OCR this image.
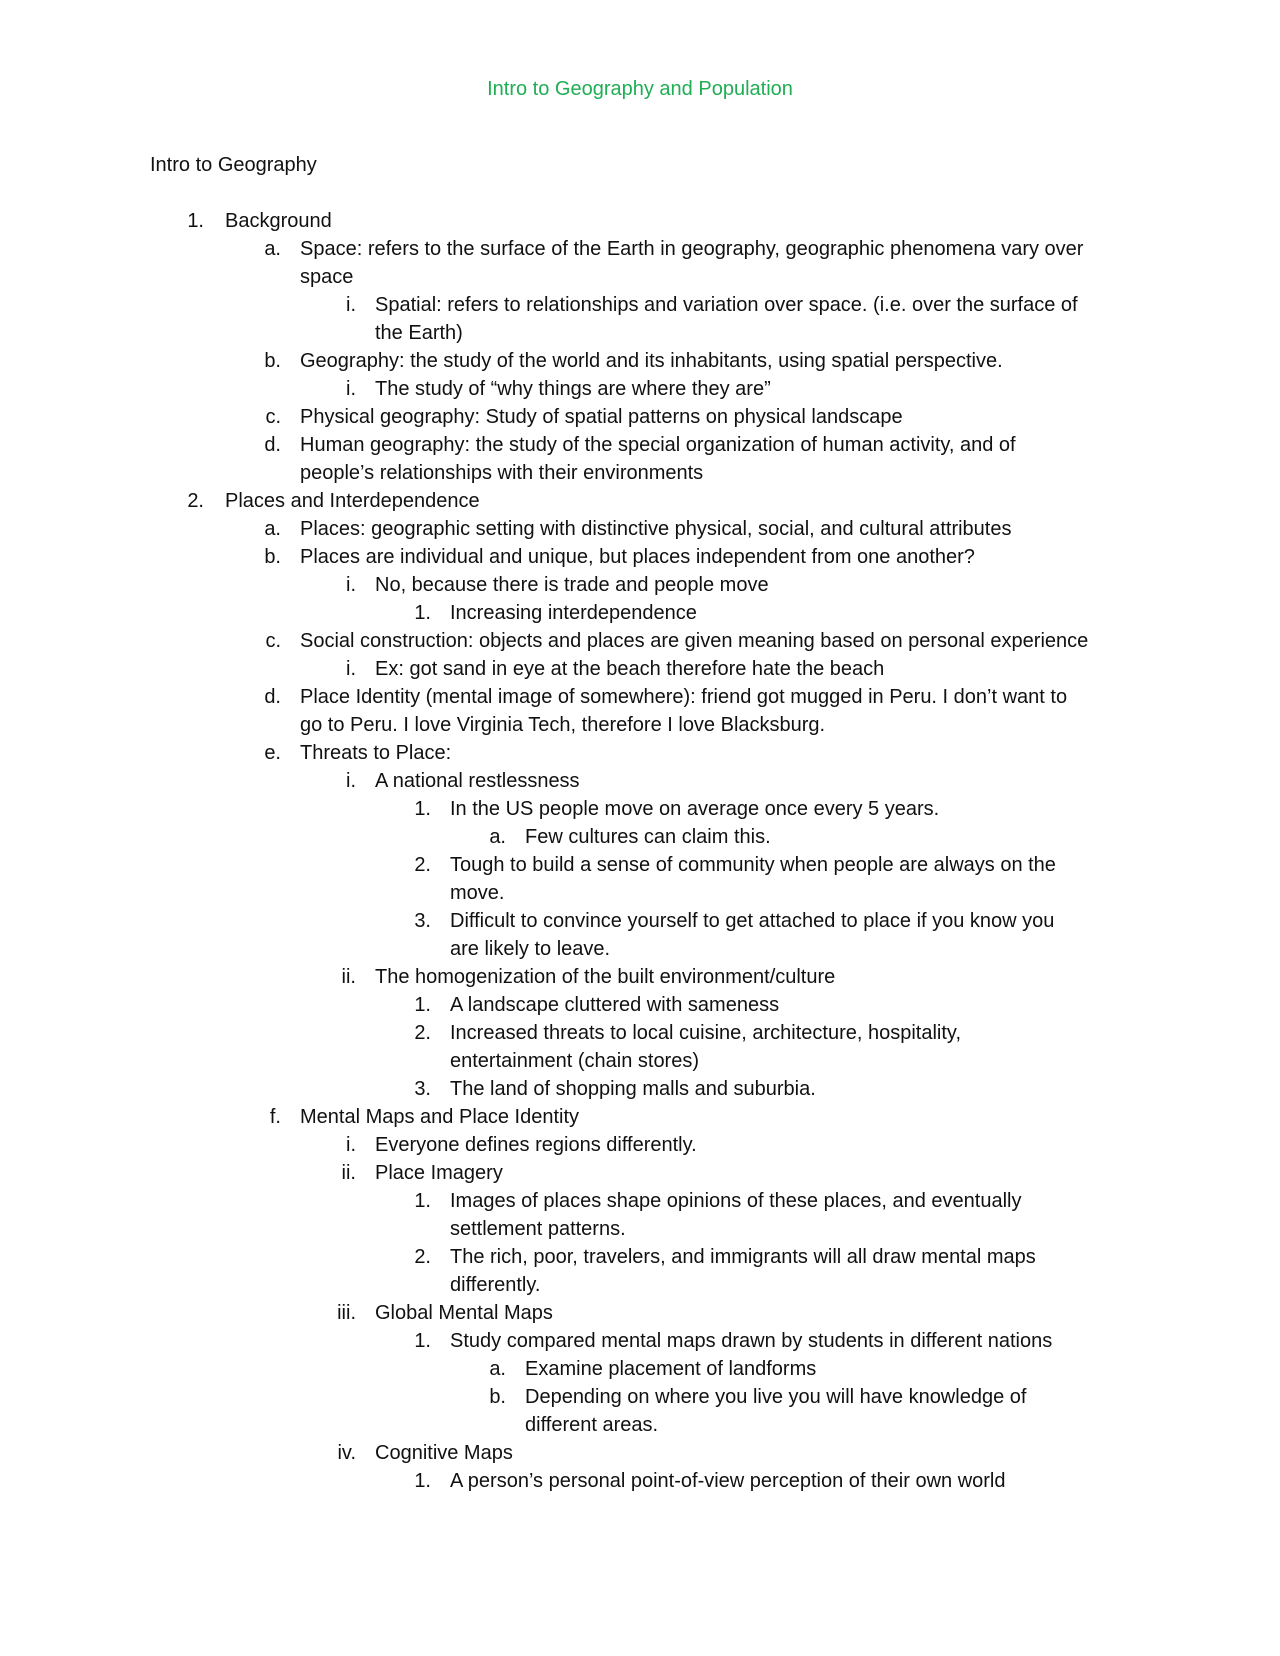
Intro to Geography and Population
Intro to Geography
1. Background
a. Space: refers to the surface of the Earth in geography, geographic phenomena vary over
space
i. Spatial: refers to relationships and variation over space. (i.e. over the surface of
the Earth)
b. Geography: the study of the world and its inhabitants, using spatial perspective.
i. The study of “why things are where they are”
c. Physical geography: Study of spatial patterns on physical landscape
d. Human geography: the study of the special organization of human activity, and of
people’s relationships with their environments
2. Places and Interdependence
a. Places: geographic setting with distinctive physical, social, and cultural attributes
b. Places are individual and unique, but places independent from one another?
i. No, because there is trade and people move
1. Increasing interdependence
c. Social construction: objects and places are given meaning based on personal experience
i. Ex: got sand in eye at the beach therefore hate the beach
d. Place Identity (mental image of somewhere): friend got mugged in Peru. I don’t want to
go to Peru. I love Virginia Tech, therefore I love Blacksburg.
e. Threats to Place:
i. A national restlessness
1. In the US people move on average once every 5 years.
a. Few cultures can claim this.
2. Tough to build a sense of community when people are always on the
move.
3. Difficult to convince yourself to get attached to place if you know you
are likely to leave.
ii. The homogenization of the built environment/culture
1. A landscape cluttered with sameness
2. Increased threats to local cuisine, architecture, hospitality,
entertainment (chain stores)
3. The land of shopping malls and suburbia.
f. Mental Maps and Place Identity
i. Everyone defines regions differently.
ii. Place Imagery
1. Images of places shape opinions of these places, and eventually
settlement patterns.
2. The rich, poor, travelers, and immigrants will all draw mental maps
differently.
iii. Global Mental Maps
1. Study compared mental maps drawn by students in different nations
a. Examine placement of landforms
b. Depending on where you live you will have knowledge of
different areas.
iv. Cognitive Maps
1. A person’s personal point-of-view perception of their own world
